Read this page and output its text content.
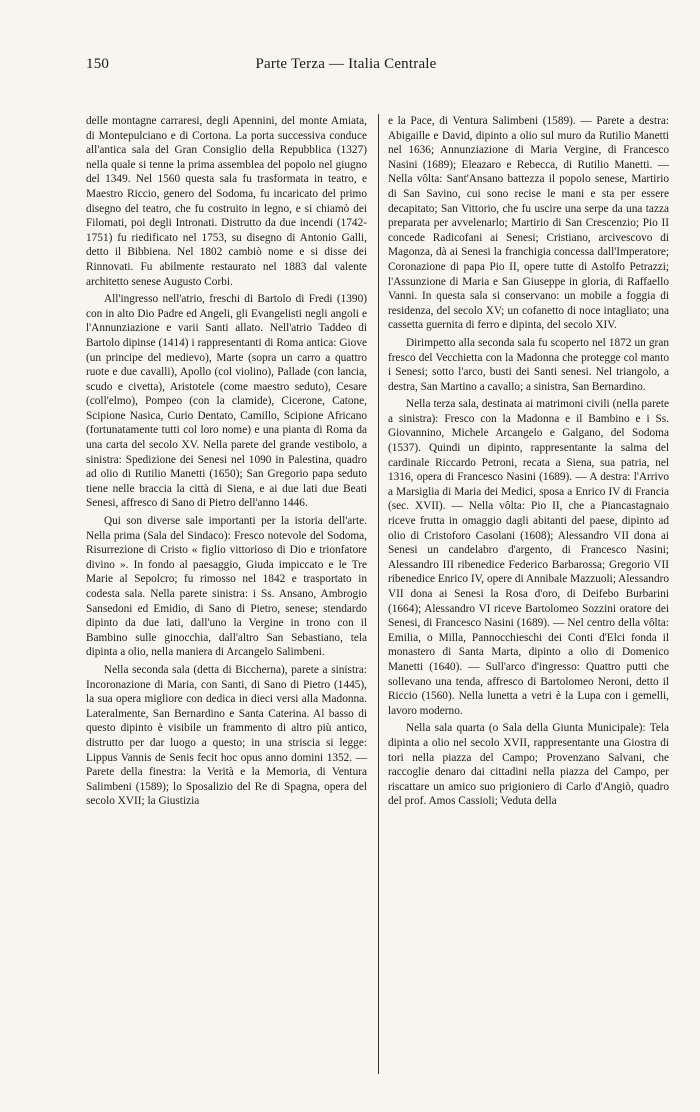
150	Parte Terza — Italia Centrale

delle montagne carraresi, degli Apennini, del monte Amiata, di Montepulciano e di Cortona. La porta successiva conduce all'antica sala del Gran Consiglio della Repubblica (1327) nella quale si tenne la prima assemblea del popolo nel giugno del 1349. Nel 1560 questa sala fu trasformata in teatro, e Maestro Riccio, genero del Sodoma, fu incaricato del primo disegno del teatro, che fu costruito in legno, e si chiamò dei Filomati, poi degli Intronati. Distrutto da due incendi (1742-1751) fu riedificato nel 1753, su disegno di Antonio Galli, detto il Bibbiena. Nel 1802 cambiò nome e si disse dei Rinnovati. Fu abilmente restaurato nel 1883 dal valente architetto senese Augusto Corbi.

All'ingresso nell'atrio, freschi di Bartolo di Fredi (1390) con in alto Dio Padre ed Angeli, gli Evangelisti negli angoli e l'Annunziazione e varii Santi allato. Nell'atrio Taddeo di Bartolo dipinse (1414) i rappresentanti di Roma antica: Giove (un principe del medievo), Marte (sopra un carro a quattro ruote e due cavalli), Apollo (col violino), Pallade (con lancia, scudo e civetta), Aristotele (come maestro seduto), Cesare (coll'elmo), Pompeo (con la clamide), Cicerone, Catone, Scipione Nasica, Curio Dentato, Camillo, Scipione Africano (fortunatamente tutti col loro nome) e una pianta di Roma da una carta del secolo XV. Nella parete del grande vestibolo, a sinistra: Spedizione dei Senesi nel 1090 in Palestina, quadro ad olio di Rutilio Manetti (1650); San Gregorio papa seduto tiene nelle braccia la città di Siena, e ai due lati due Beati Senesi, affresco di Sano di Pietro dell'anno 1446.

Qui son diverse sale importanti per la istoria dell'arte. Nella prima (Sala del Sindaco): Fresco notevole del Sodoma, Risurrezione di Cristo « figlio vittorioso di Dio e trionfatore divino ». In fondo al paesaggio, Giuda impiccato e le Tre Marie al Sepolcro; fu rimosso nel 1842 e trasportato in codesta sala. Nella parete sinistra: i Ss. Ansano, Ambrogio Sansedoni ed Emidio, di Sano di Pietro, senese; stendardo dipinto da due lati, dall'uno la Vergine in trono con il Bambino sulle ginocchia, dall'altro San Sebastiano, tela dipinta a olio, nella maniera di Arcangelo Salimbeni.

Nella seconda sala (detta di Biccherna), parete a sinistra: Incoronazione di Maria, con Santi, di Sano di Pietro (1445), la sua opera migliore con dedica in dieci versi alla Madonna. Lateralmente, San Bernardino e Santa Caterina. Al basso di questo dipinto è visibile un frammento di altro più antico, distrutto per dar luogo a questo; in una striscia si legge: Lippus Vannis de Senis fecit hoc opus anno domini 1352. — Parete della finestra: la Verità e la Memoria, di Ventura Salimbeni (1589); lo Sposalizio del Re di Spagna, opera del secolo XVII; la Giustizia

e la Pace, di Ventura Salimbeni (1589). — Parete a destra: Abigaille e David, dipinto a olio sul muro da Rutilio Manetti nel 1636; Annunziazione di Maria Vergine, di Francesco Nasini (1689); Eleazaro e Rebecca, di Rutilio Manetti. — Nella vôlta: Sant'Ansano battezza il popolo senese, Martirio di San Savino, cui sono recise le mani e sta per essere decapitato; San Vittorio, che fu uscire una serpe da una tazza preparata per avvelenarlo; Martirio di San Crescenzio; Pio II concede Radicofani ai Senesi; Cristiano, arcivescovo di Magonza, dà ai Senesi la franchigia concessa dall'Imperatore; Coronazione di papa Pio II, opere tutte di Astolfo Petrazzi; l'Assunzione di Maria e San Giuseppe in gloria, di Raffaello Vanni. In questa sala si conservano: un mobile a foggia di residenza, del secolo XV; un cofanetto di noce intagliato; una cassetta guernita di ferro e dipinta, del secolo XIV.

Dirimpetto alla seconda sala fu scoperto nel 1872 un gran fresco del Vecchietta con la Madonna che protegge col manto i Senesi; sotto l'arco, busti dei Santi senesi. Nel triangolo, a destra, San Martino a cavallo; a sinistra, San Bernardino.

Nella terza sala, destinata ai matrimoni civili (nella parete a sinistra): Fresco con la Madonna e il Bambino e i Ss. Giovannino, Michele Arcangelo e Galgano, del Sodoma (1537). Quindi un dipinto, rappresentante la salma del cardinale Riccardo Petroni, recata a Siena, sua patria, nel 1316, opera di Francesco Nasini (1689). — A destra: l'Arrivo a Marsiglia di Maria dei Medici, sposa a Enrico IV di Francia (sec. XVII). — Nella vôlta: Pio II, che a Piancastagnaio riceve frutta in omaggio dagli abitanti del paese, dipinto ad olio di Cristoforo Casolani (1608); Alessandro VII dona ai Senesi un candelabro d'argento, di Francesco Nasini; Alessandro III ribenedice Federico Barbarossa; Gregorio VII ribenedice Enrico IV, opere di Annibale Mazzuoli; Alessandro VII dona ai Senesi la Rosa d'oro, di Deifebo Burbarini (1664); Alessandro VI riceve Bartolomeo Sozzini oratore dei Senesi, di Francesco Nasini (1689). — Nel centro della vôlta: Emilia, o Milla, Pannocchieschi dei Conti d'Elci fonda il monastero di Santa Marta, dipinto a olio di Domenico Manetti (1640). — Sull'arco d'ingresso: Quattro putti che sollevano una tenda, affresco di Bartolomeo Neroni, detto il Riccio (1560). Nella lunetta a vetri è la Lupa con i gemelli, lavoro moderno.

Nella sala quarta (o Sala della Giunta Municipale): Tela dipinta a olio nel secolo XVII, rappresentante una Giostra di tori nella piazza del Campo; Provenzano Salvani, che raccoglie denaro dai cittadini nella piazza del Campo, per riscattare un amico suo prigioniero di Carlo d'Angiò, quadro del prof. Amos Cassioli; Veduta della
